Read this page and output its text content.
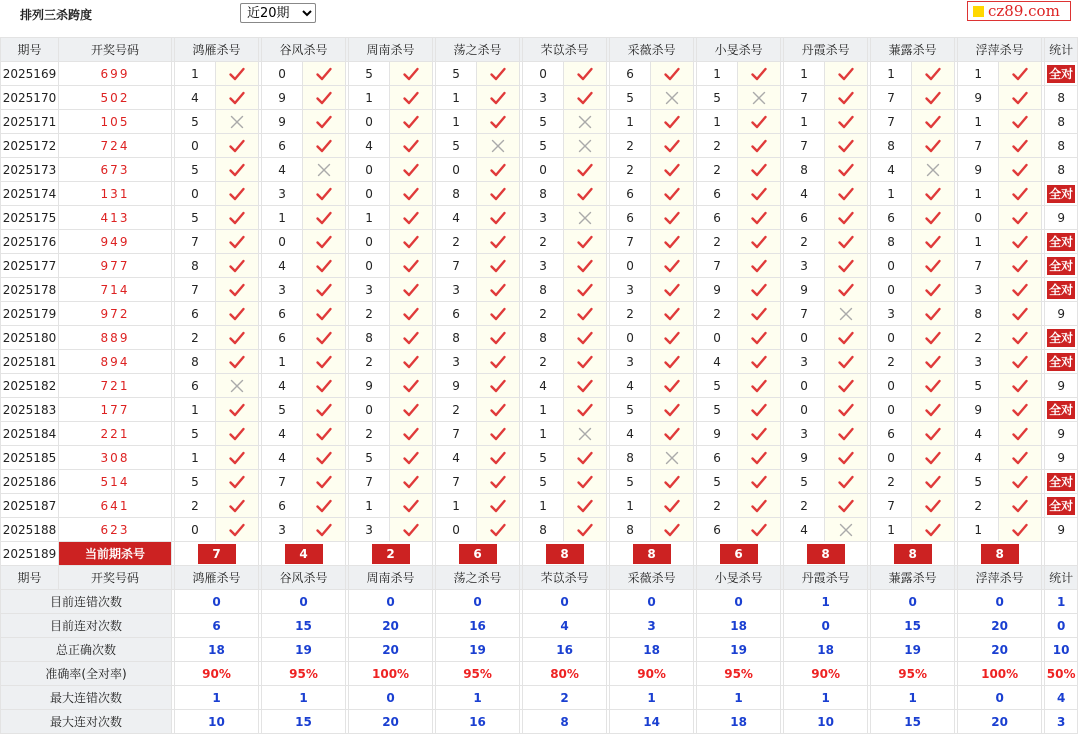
排列三杀跨度
近20期	cz89.com
期号	开奖号码		鸿雁杀号			谷风杀号			周南杀号			荡之杀号			芣苡杀号			采薇杀号			小旻杀号			丹霞杀号			蒹露杀号			浮萍杀号			统计
2025169	699		1			0			5			5			0			6			1			1			1			1			全对
2025170	502		4			9			1			1			3			5			5			7			7			9			8
2025171	105		5			9			0			1			5			1			1			1			7			1			8
2025172	724		0			6			4			5			5			2			2			7			8			7			8
2025173	673		5			4			0			0			0			2			2			8			4			9			8
2025174	131		0			3			0			8			8			6			6			4			1			1			全对
2025175	413		5			1			1			4			3			6			6			6			6			0			9
2025176	949		7			0			0			2			2			7			2			2			8			1			全对
2025177	977		8			4			0			7			3			0			7			3			0			7			全对
2025178	714		7			3			3			3			8			3			9			9			0			3			全对
2025179	972		6			6			2			6			2			2			2			7			3			8			9
2025180	889		2			6			8			8			8			0			0			0			0			2			全对
2025181	894		8			1			2			3			2			3			4			3			2			3			全对
2025182	721		6			4			9			9			4			4			5			0			0			5			9
2025183	177		1			5			0			2			1			5			5			0			0			9			全对
2025184	221		5			4			2			7			1			4			9			3			6			4			9
2025185	308		1			4			5			4			5			8			6			9			0			4			9
2025186	514		5			7			7			7			5			5			5			5			2			5			全对
2025187	641		2			6			1			1			1			1			2			2			7			2			全对
2025188	623		0			3			3			0			8			8			6			4			1			1			9
2025189	当前期杀号		7			4			2			6			8			8			6			8			8			8			
期号	开奖号码		鸿雁杀号			谷风杀号			周南杀号			荡之杀号			芣苡杀号			采薇杀号			小旻杀号			丹霞杀号			蒹露杀号			浮萍杀号			统计
目前连错次数			0			0			0			0			0			0			0			1			0			0			1
目前连对次数			6			15			20			16			4			3			18			0			15			20			0
总正确次数			18			19			20			19			16			18			19			18			19			20			10
准确率(全对率)			90%			95%			100%			95%			80%			90%			95%			90%			95%			100%			50%
最大连错次数			1			1			0			1			2			1			1			1			1			0			4
最大连对次数			10			15			20			16			8			14			18			10			15			20			3
